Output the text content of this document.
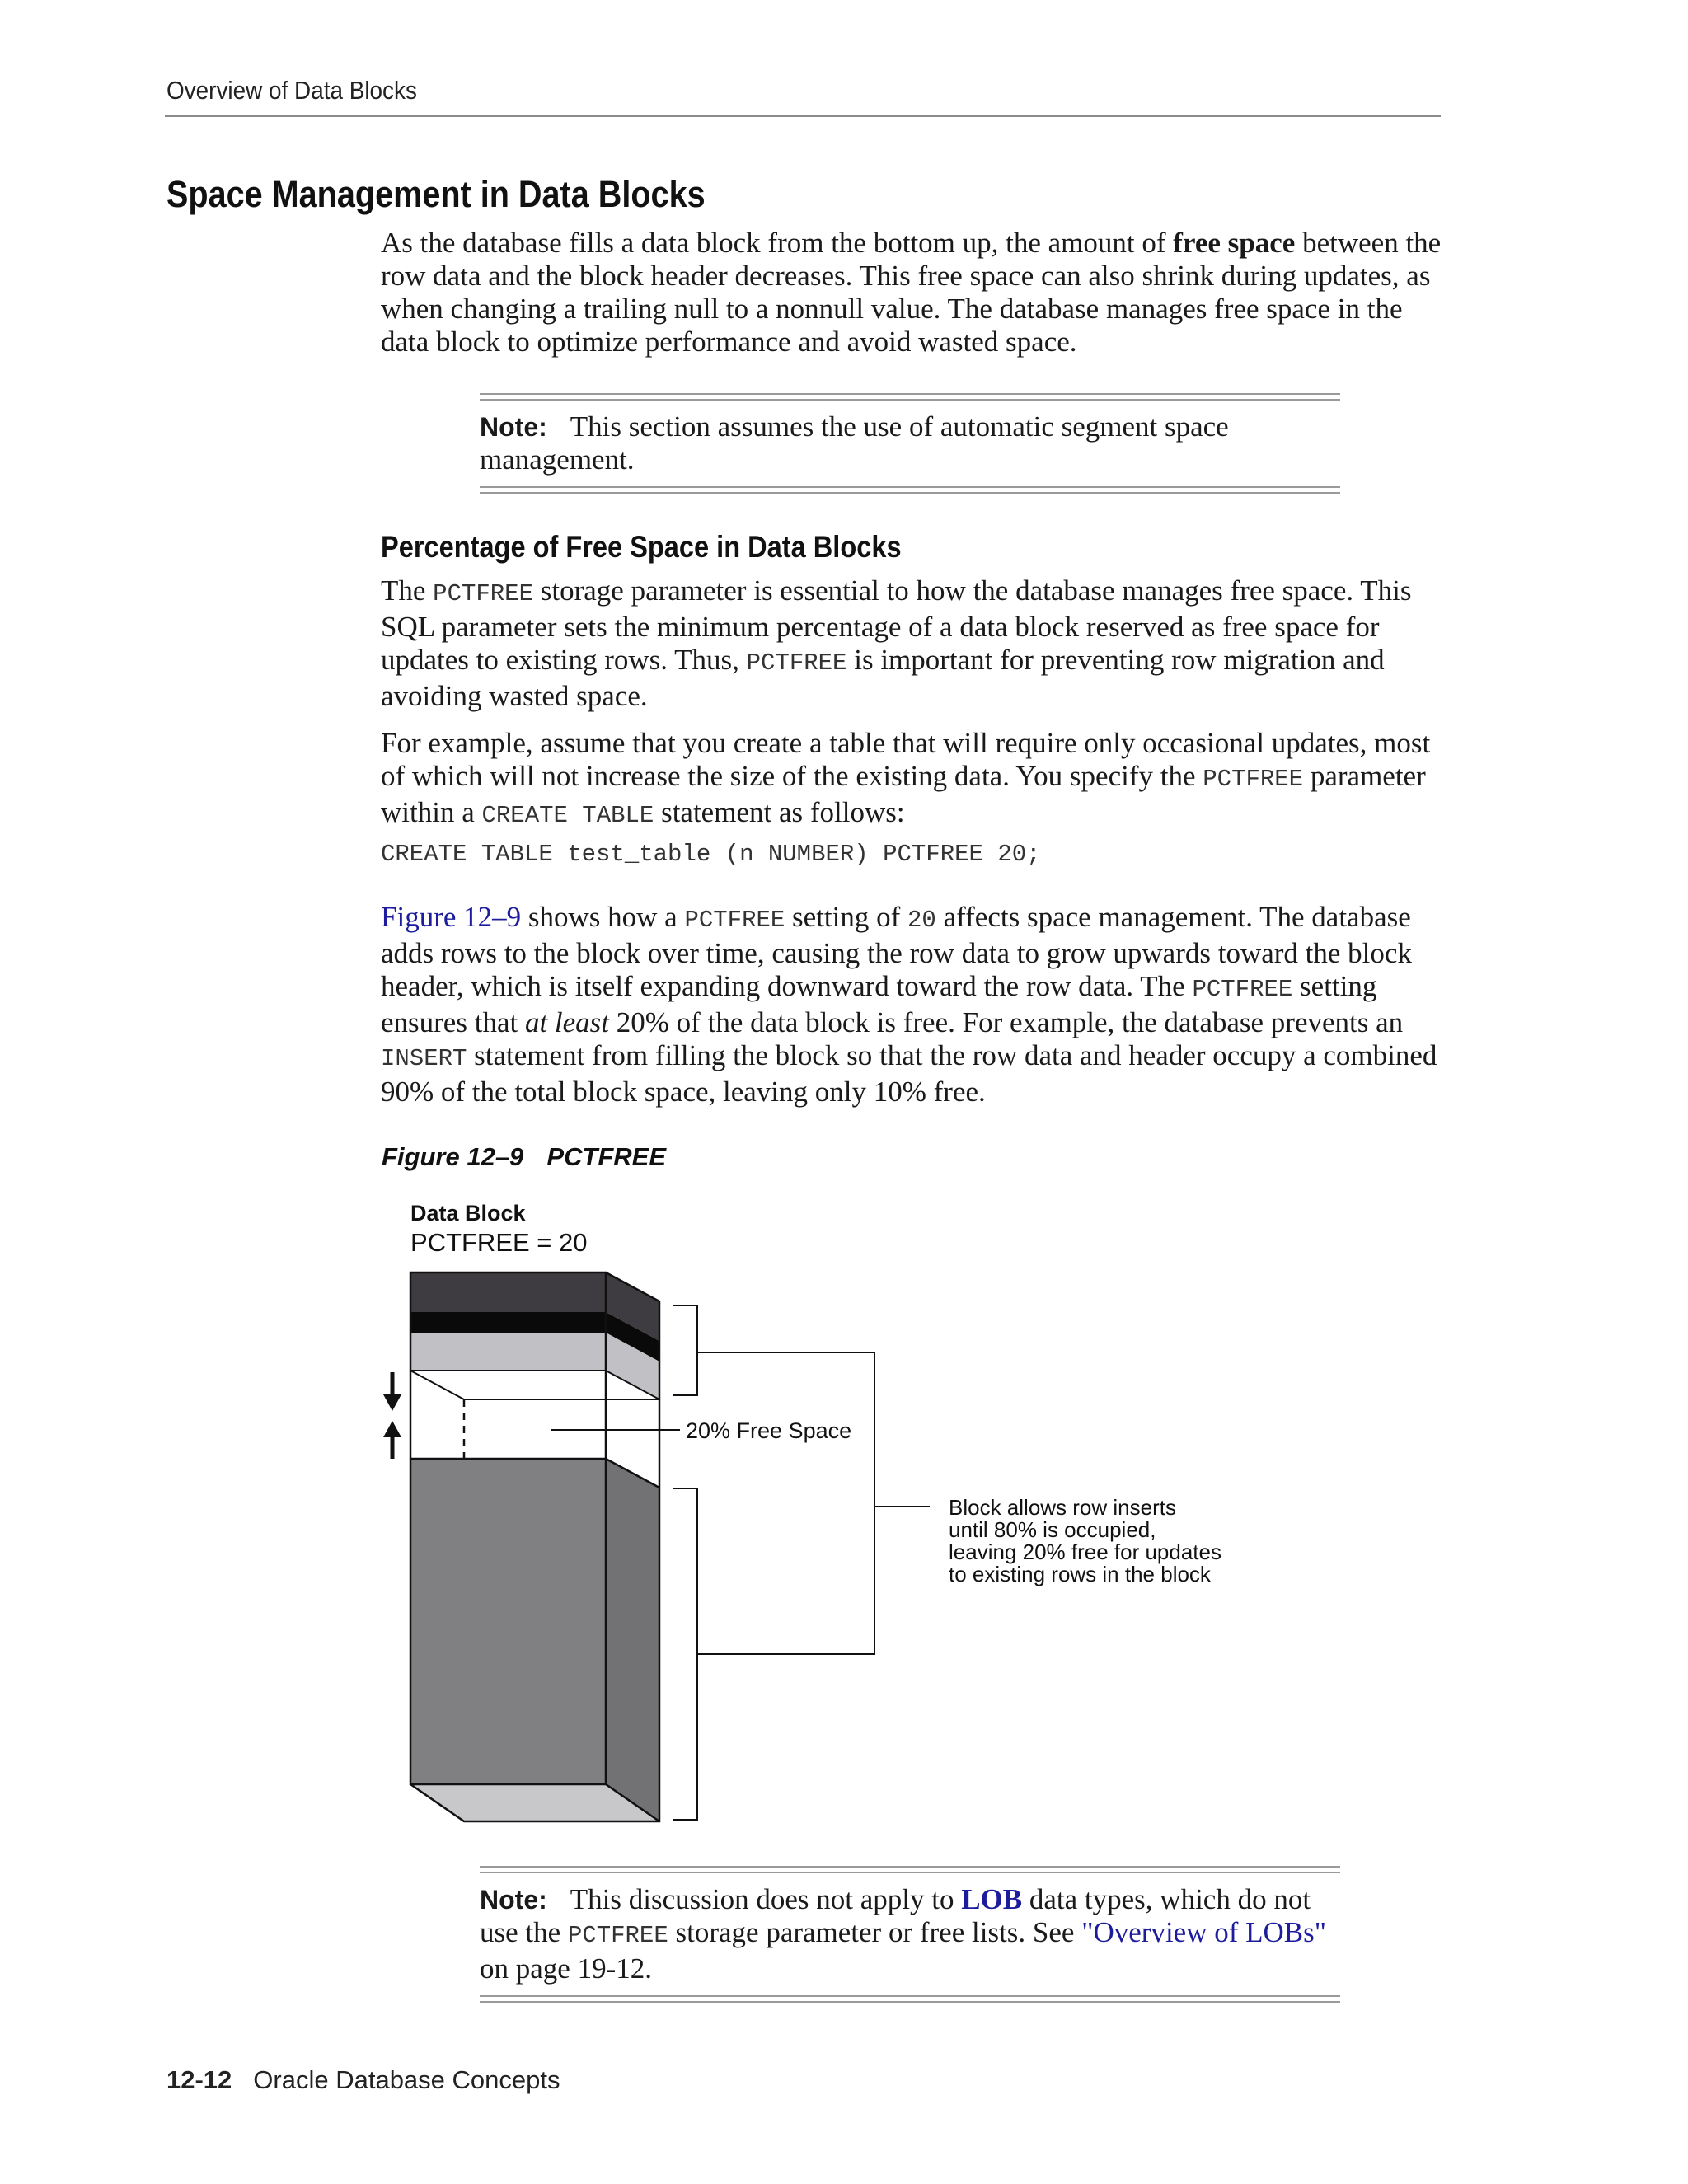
Overview of Data Blocks
Space Management in Data Blocks

As the database fills a data block from the bottom up, the amount of free space between the row data and the block header decreases. This free space can also shrink during updates, as when changing a trailing null to a nonnull value. The database manages free space in the data block to optimize performance and avoid wasted space.

Note: This section assumes the use of automatic segment space management.

Percentage of Free Space in Data Blocks

The PCTFREE storage parameter is essential to how the database manages free space. This SQL parameter sets the minimum percentage of a data block reserved as free space for updates to existing rows. Thus, PCTFREE is important for preventing row migration and avoiding wasted space.

For example, assume that you create a table that will require only occasional updates, most of which will not increase the size of the existing data. You specify the PCTFREE parameter within a CREATE TABLE statement as follows:

CREATE TABLE test_table (n NUMBER) PCTFREE 20;

Figure 12–9 shows how a PCTFREE setting of 20 affects space management. The database adds rows to the block over time, causing the row data to grow upwards toward the block header, which is itself expanding downward toward the row data. The PCTFREE setting ensures that at least 20% of the data block is free. For example, the database prevents an INSERT statement from filling the block so that the row data and header occupy a combined 90% of the total block space, leaving only 10% free.

Figure 12–9 PCTFREE
Data Block
PCTFREE = 20
20% Free Space
Block allows row inserts
until 80% is occupied,
leaving 20% free for updates
to existing rows in the block

Note: This discussion does not apply to LOB data types, which do not use the PCTFREE storage parameter or free lists. See "Overview of LOBs" on page 19-12.

12-12 Oracle Database Concepts
